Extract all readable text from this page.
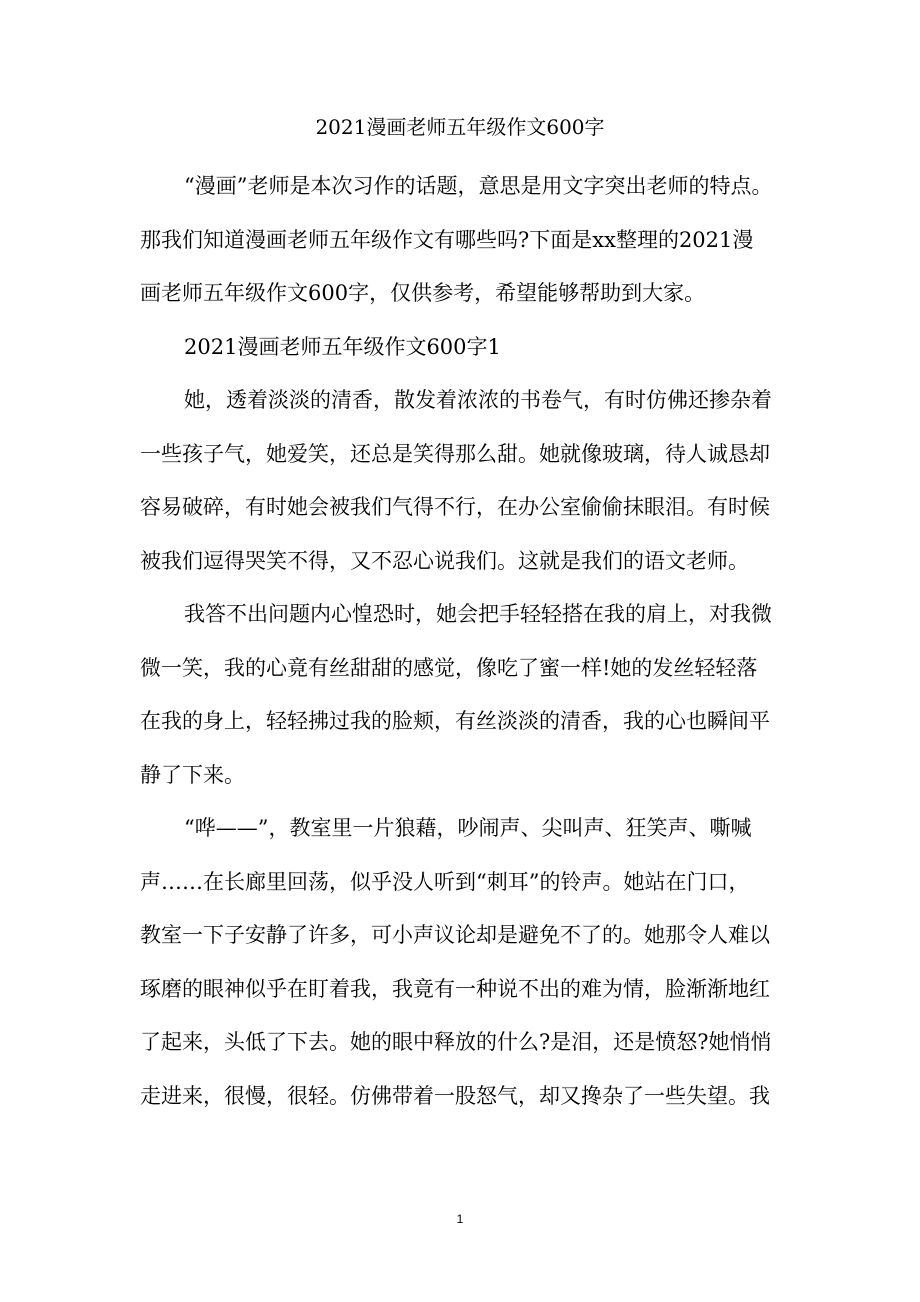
2021漫画老师五年级作文600字
“漫画”老师是本次习作的话题，意思是用文字突出老师的特点。
那我们知道漫画老师五年级作文有哪些吗?下面是xx整理的2021漫
画老师五年级作文600字，仅供参考，希望能够帮助到大家。
2021漫画老师五年级作文600字1
她，透着淡淡的清香，散发着浓浓的书卷气，有时仿佛还掺杂着
一些孩子气，她爱笑，还总是笑得那么甜。她就像玻璃，待人诚恳却
容易破碎，有时她会被我们气得不行，在办公室偷偷抹眼泪。有时候
被我们逗得哭笑不得，又不忍心说我们。这就是我们的语文老师。
我答不出问题内心惶恐时，她会把手轻轻搭在我的肩上，对我微
微一笑，我的心竟有丝甜甜的感觉，像吃了蜜一样!她的发丝轻轻落
在我的身上，轻轻拂过我的脸颊，有丝淡淡的清香，我的心也瞬间平
静了下来。
“哗——”，教室里一片狼藉，吵闹声、尖叫声、狂笑声、嘶喊
声……在长廊里回荡，似乎没人听到“刺耳”的铃声。她站在门口，
教室一下子安静了许多，可小声议论却是避免不了的。她那令人难以
琢磨的眼神似乎在盯着我，我竟有一种说不出的难为情，脸渐渐地红
了起来，头低了下去。她的眼中释放的什么?是泪，还是愤怒?她悄悄
走进来，很慢，很轻。仿佛带着一股怒气，却又搀杂了一些失望。我
1
